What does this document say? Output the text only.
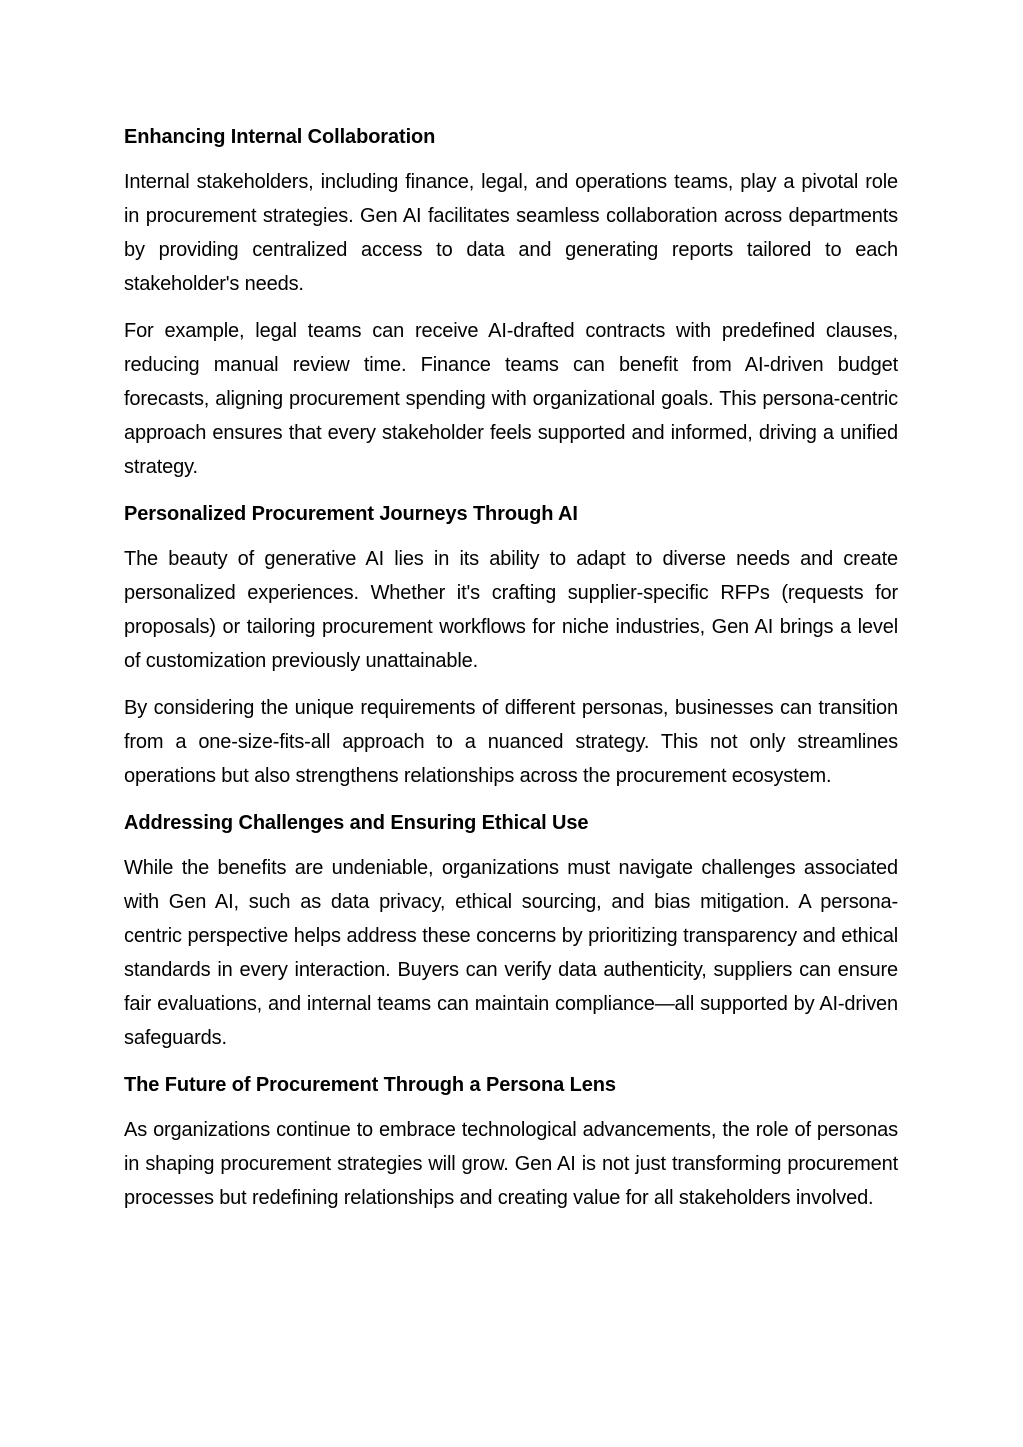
Enhancing Internal Collaboration

Internal stakeholders, including finance, legal, and operations teams, play a pivotal role in procurement strategies. Gen AI facilitates seamless collaboration across departments by providing centralized access to data and generating reports tailored to each stakeholder's needs.

For example, legal teams can receive AI-drafted contracts with predefined clauses, reducing manual review time. Finance teams can benefit from AI-driven budget forecasts, aligning procurement spending with organizational goals. This persona-centric approach ensures that every stakeholder feels supported and informed, driving a unified strategy.

Personalized Procurement Journeys Through AI

The beauty of generative AI lies in its ability to adapt to diverse needs and create personalized experiences. Whether it's crafting supplier-specific RFPs (requests for proposals) or tailoring procurement workflows for niche industries, Gen AI brings a level of customization previously unattainable.

By considering the unique requirements of different personas, businesses can transition from a one-size-fits-all approach to a nuanced strategy. This not only streamlines operations but also strengthens relationships across the procurement ecosystem.

Addressing Challenges and Ensuring Ethical Use

While the benefits are undeniable, organizations must navigate challenges associated with Gen AI, such as data privacy, ethical sourcing, and bias mitigation. A persona-centric perspective helps address these concerns by prioritizing transparency and ethical standards in every interaction. Buyers can verify data authenticity, suppliers can ensure fair evaluations, and internal teams can maintain compliance—all supported by AI-driven safeguards.

The Future of Procurement Through a Persona Lens

As organizations continue to embrace technological advancements, the role of personas in shaping procurement strategies will grow. Gen AI is not just transforming procurement processes but redefining relationships and creating value for all stakeholders involved.
